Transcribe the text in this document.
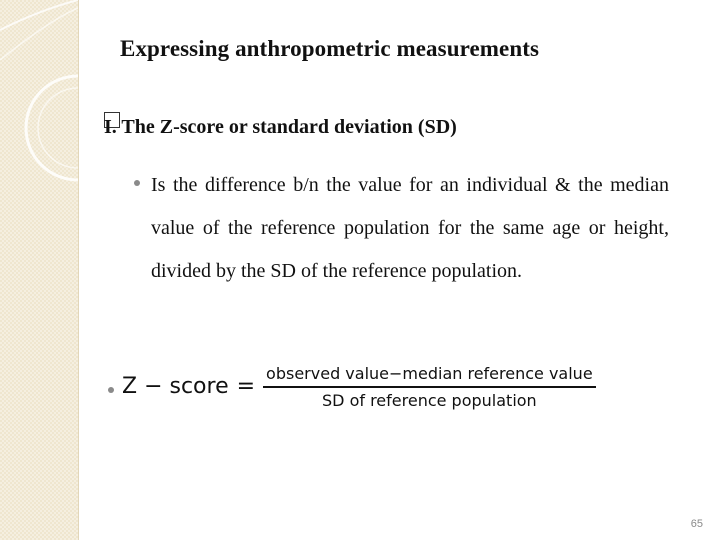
Expressing anthropometric measurements
I. The Z-score or standard deviation (SD)
Is the difference b/n the value for an individual & the median value of the reference population for the same age or height, divided by the SD of the reference population.
Z − score = $\frac{\text{observed value−median reference value}}{\text{SD of reference population}}$
65
